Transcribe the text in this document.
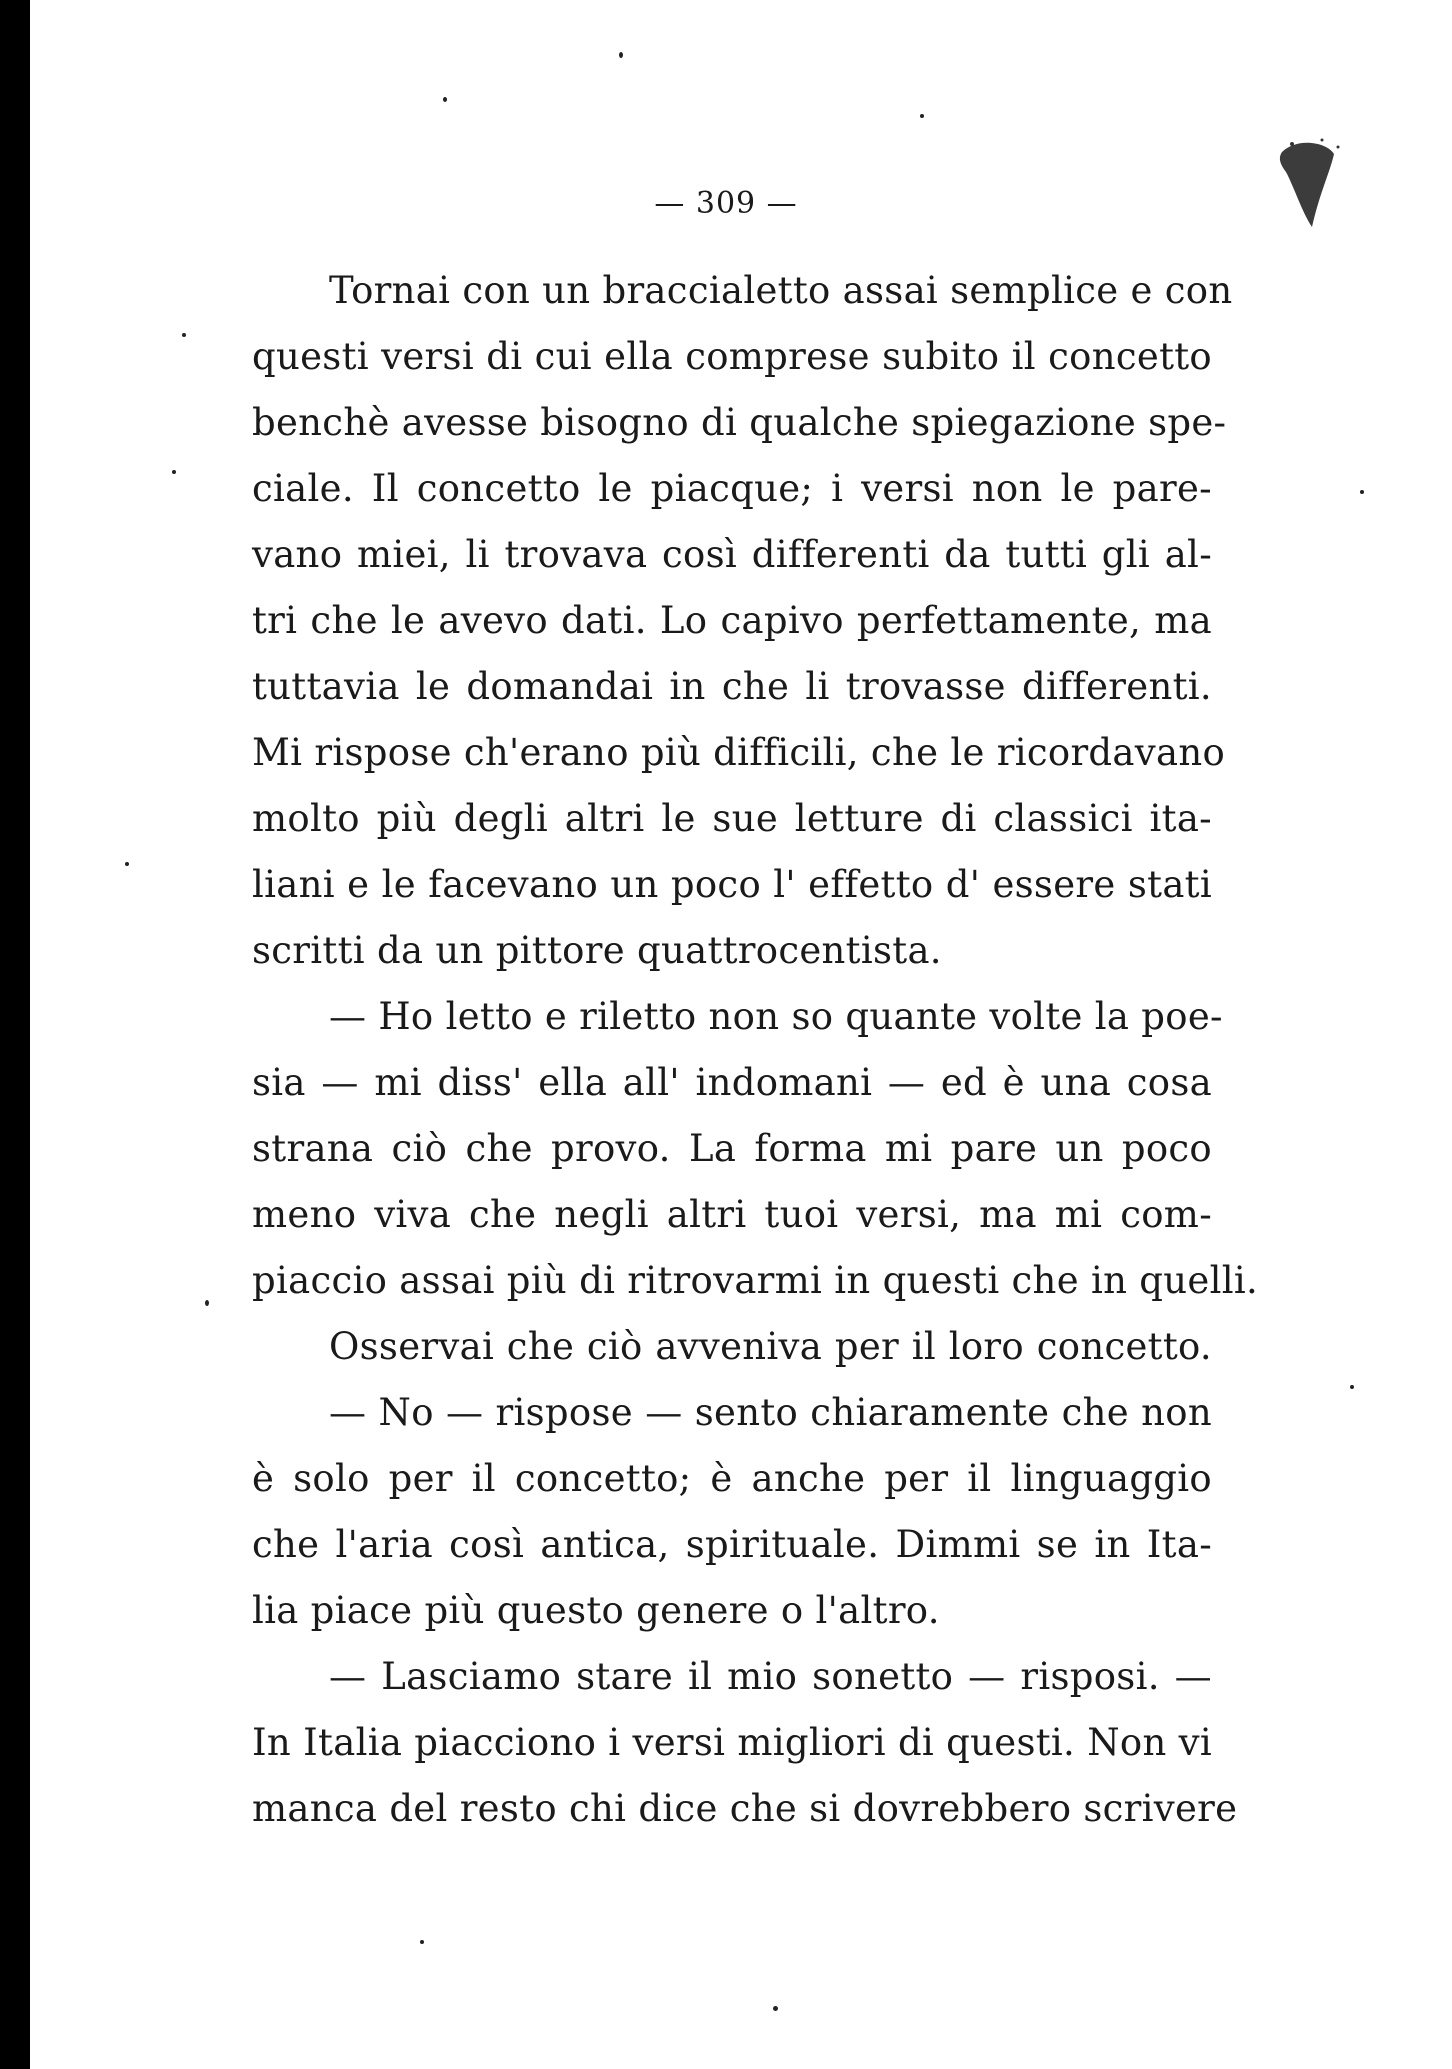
— 309 —
Tornai con un braccialetto assai semplice e con
questi versi di cui ella comprese subito il concetto
benchè avesse bisogno di qualche spiegazione spe-
ciale. Il concetto le piacque; i versi non le pare-
vano miei, li trovava così differenti da tutti gli al-
tri che le avevo dati. Lo capivo perfettamente, ma
tuttavia le domandai in che li trovasse differenti.
Mi rispose ch'erano più difficili, che le ricordavano
molto più degli altri le sue letture di classici ita-
liani e le facevano un poco l' effetto d' essere stati
scritti da un pittore quattrocentista.
— Ho letto e riletto non so quante volte la poe-
sia — mi diss' ella all' indomani — ed è una cosa
strana ciò che provo. La forma mi pare un poco
meno viva che negli altri tuoi versi, ma mi com-
piaccio assai più di ritrovarmi in questi che in quelli.
Osservai che ciò avveniva per il loro concetto.
— No — rispose — sento chiaramente che non
è solo per il concetto; è anche per il linguaggio
che l'aria così antica, spirituale. Dimmi se in Ita-
lia piace più questo genere o l'altro.
— Lasciamo stare il mio sonetto — risposi. —
In Italia piacciono i versi migliori di questi. Non vi
manca del resto chi dice che si dovrebbero scrivere
